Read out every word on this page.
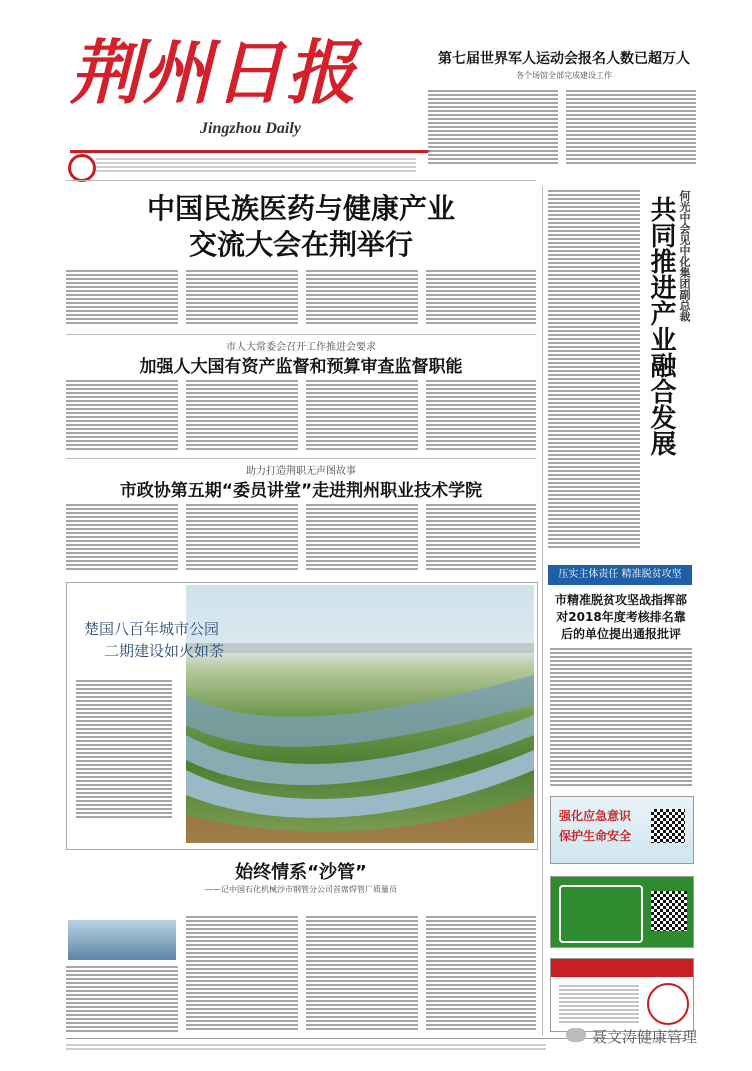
荆州日报
Jingzhou Daily
第七届世界军人运动会报名人数已超万人
各个场馆全部完成建设工作
中国民族医药与健康产业
交流大会在荆举行
市人大常委会召开工作推进会要求
加强人大国有资产监督和预算审查监督职能
助力打造荆职无声图故事
市政协第五期“委员讲堂”走进荆州职业技术学院
何光中会见中化集团副总裁
共同推进产业融合发展
压实主体责任 精准脱贫攻坚
市精准脱贫攻坚战指挥部对2018年度考核排名靠后的单位提出通报批评
强化应急意识
保护生命安全
楚国八百年城市公园
二期建设如火如荼
始终情系“沙管”
——记中国石化机械沙市钢管分公司首席焊管厂质量员
聂文涛健康管理
